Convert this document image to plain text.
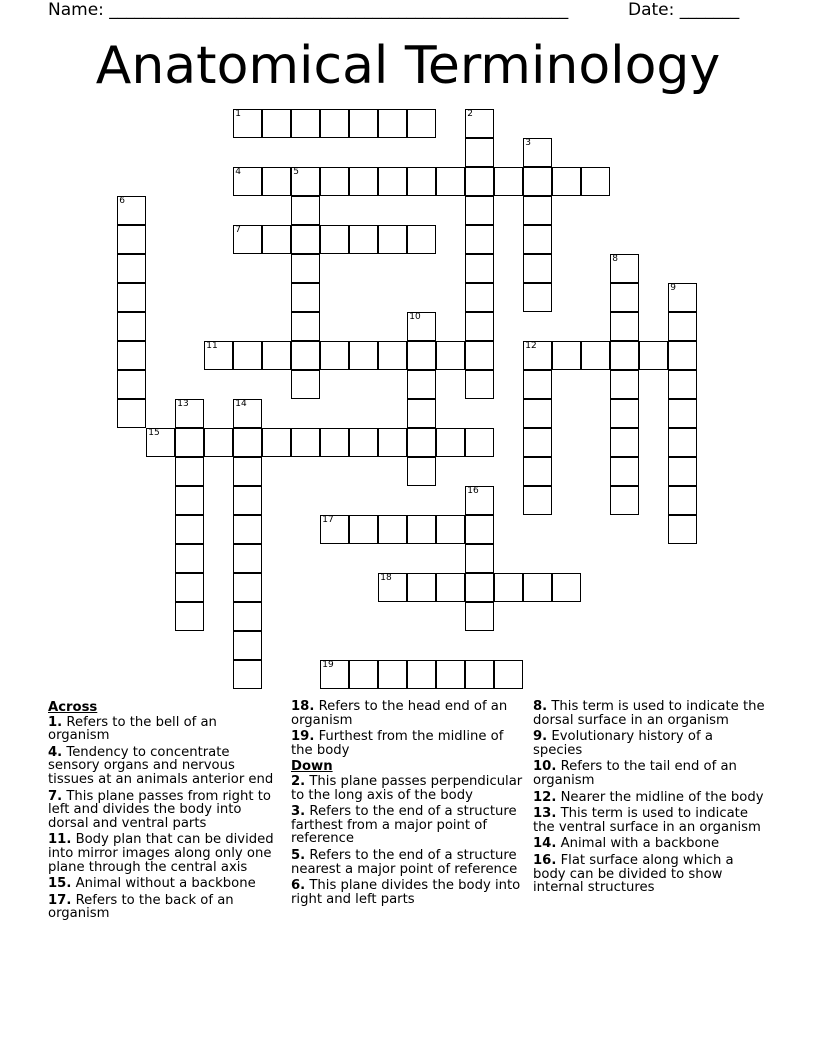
Name: ______________________________________________________	Date: _______
Anatomical Terminology
1	2
3
4	5
6
7
8
9
10
11	12
13	14
15
16
17
18
19
Across
1. Refers to the bell of an organism
4. Tendency to concentrate sensory organs and nervous tissues at an animals anterior end
7. This plane passes from right to left and divides the body into dorsal and ventral parts
11. Body plan that can be divided into mirror images along only one plane through the central axis
15. Animal without a backbone
17. Refers to the back of an organism
18. Refers to the head end of an organism
19. Furthest from the midline of the body
Down
2. This plane passes perpendicular to the long axis of the body
3. Refers to the end of a structure farthest from a major point of reference
5. Refers to the end of a structure nearest a major point of reference
6. This plane divides the body into right and left parts
8. This term is used to indicate the dorsal surface in an organism
9. Evolutionary history of a species
10. Refers to the tail end of an organism
12. Nearer the midline of the body
13. This term is used to indicate the ventral surface in an organism
14. Animal with a backbone
16. Flat surface along which a body can be divided to show internal structures
